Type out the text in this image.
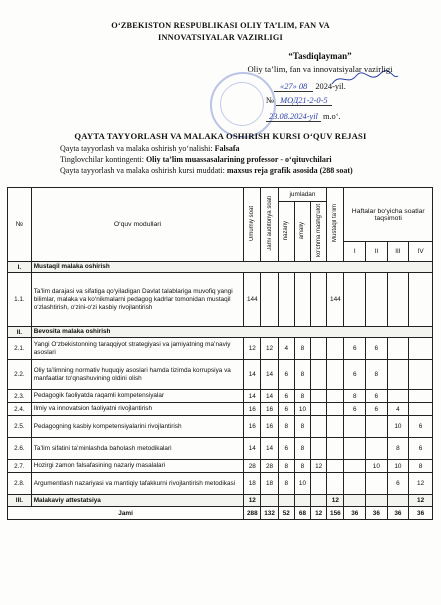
O‘ZBEKISTON RESPUBLIKASI OLIY TA’LIM, FAN VA
INNOVATSIYALAR VAZIRLIGI
“Tasdiqlayman”
Oliy ta’lim, fan va innovatsiyalar vazirligi
«27» 08 2024-yil.
№ МОД21-2-0-5
23.08.2024-yil m.o‘.
QAYTA TAYYORLASH VA MALAKA OSHIRISH KURSI O‘QUV REJASI
Qayta tayyorlash va malaka oshirish yo‘nalishi: Falsafa
Tinglovchilar kontingenti: Oliy ta’lim muassasalarining professor - o‘qituvchilari
Qayta tayyorlash va malaka oshirish kursi muddati: maxsus reja grafik asosida (288 soat)
№	O‘quv modullari	Umumiy soat	Jami auditoriya soati	jumladan			Mustaqil ta’lim	Haftalar bo‘yicha soatlar taqsimoti			
				nazariy	amaliy	ko‘chma mashg‘ulot					
								I	II	III	IV
I.	Mustaqil malaka oshirish										
1.1.	Ta’lim darajasi va sifatiga qo‘yiladigan Davlat talablariga muvofiq yangi bilimlar, malaka va ko‘nikmalarni pedagog kadrlar tomonidan mustaqil o‘zlashtirish, o‘zini-o‘zi kasbiy rivojlantirish	144					144				
II.	Bevosita malaka oshirish										
2.1.	Yangi O‘zbekistonning taraqqiyot strategiyasi va jamiyatning ma’naviy asoslari	12	12	4	8			6	6		
2.2.	Oliy ta’limning normativ huquqiy asoslari hamda tizimda korrupsiya va manfaatlar to‘qnashuvining oldini olish	14	14	6	8			6	8		
2.3.	Pedagogik faoliyatda raqamli kompetensiyalar	14	14	6	8			8	6		
2.4.	Ilmiy va innovatsion faoliyatni rivojlantirish	16	16	6	10			6	6	4	
2.5.	Pedagogning kasbiy kompetensiyalarini rivojlantirish	16	16	8	8					10	6
2.6.	Ta’lim sifatini ta’minlashda baholash metodikalari	14	14	6	8					8	6
2.7.	Hozirgi zamon falsafasining nazariy masalalari	28	28	8	8	12			10	10	8
2.8.	Argumentlash nazariyasi va mantiqiy tafakkurni rivojlantirish metodikasi	18	18	8	10					6	12
III.	Malakaviy attestatsiya	12					12				12
Jami		288	132	52	68	12	156	36	36	36	36
